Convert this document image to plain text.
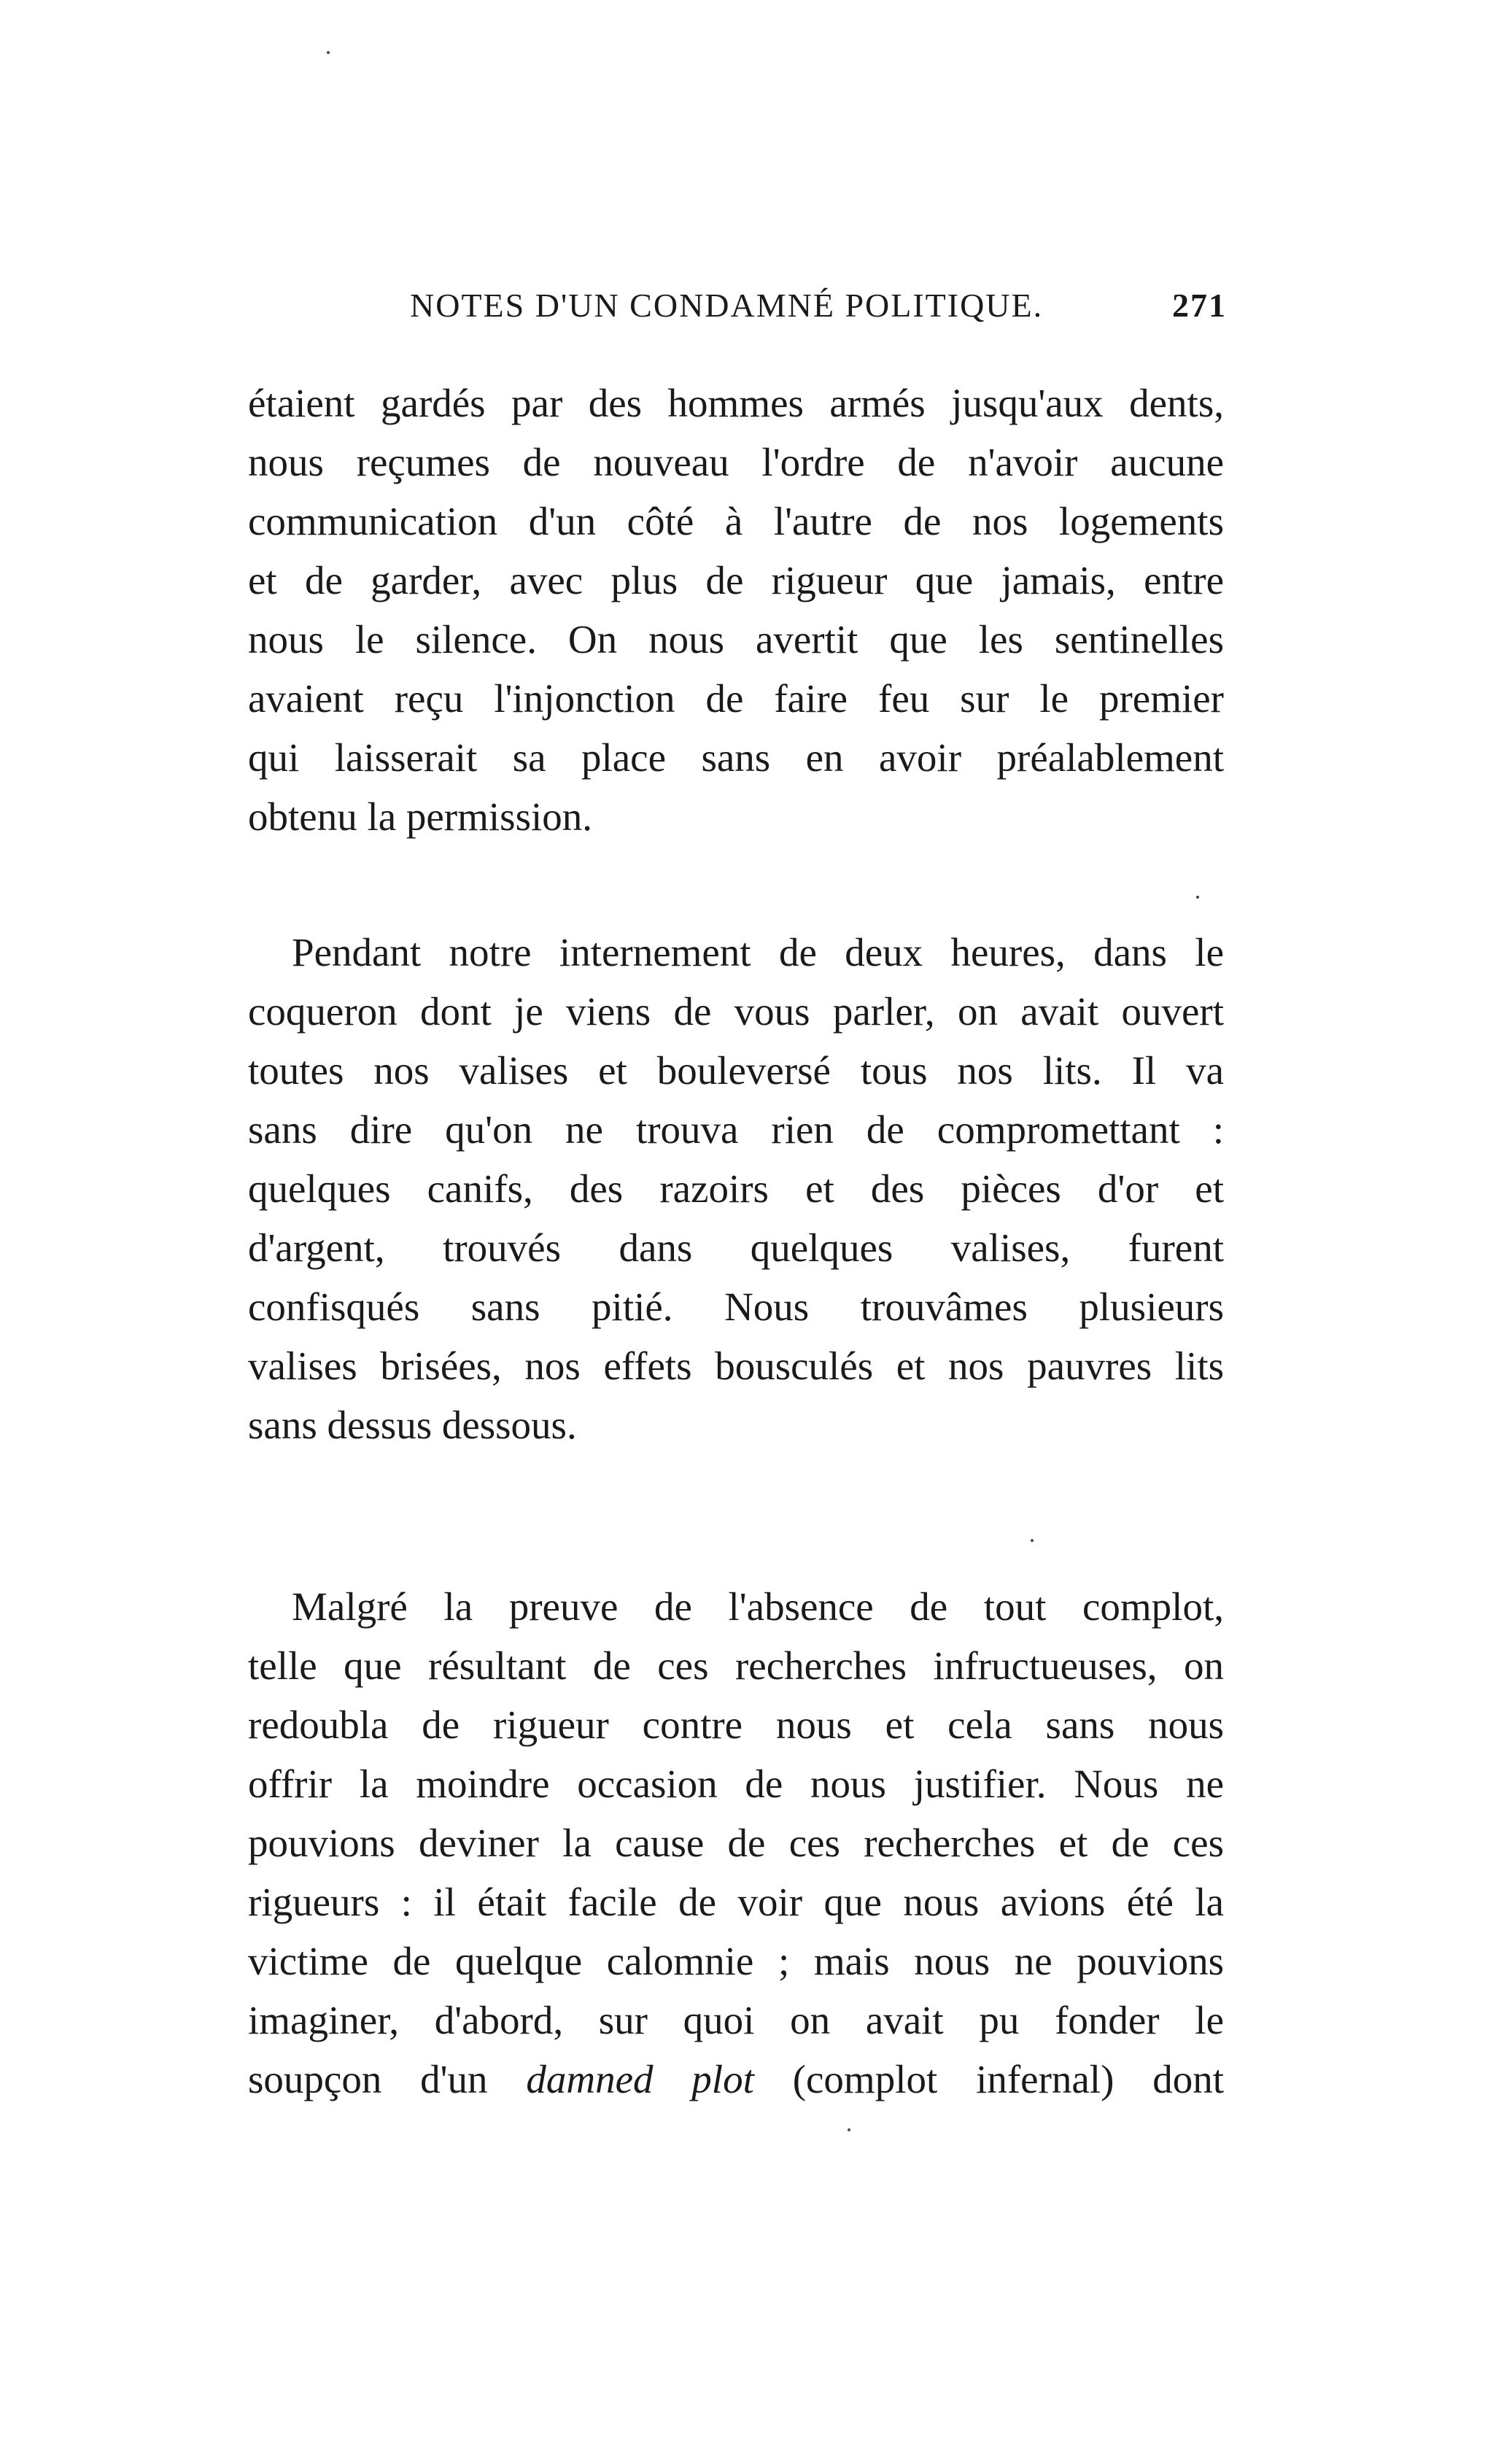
NOTES D'UN CONDAMNÉ POLITIQUE.	271

étaient gardés par des hommes armés jusqu'aux dents,
nous reçumes de nouveau l'ordre de n'avoir aucune
communication d'un côté à l'autre de nos logements
et de garder, avec plus de rigueur que jamais, entre
nous le silence. On nous avertit que les sentinelles
avaient reçu l'injonction de faire feu sur le premier
qui laisserait sa place sans en avoir préalablement
obtenu la permission.

Pendant notre internement de deux heures, dans le
coqueron dont je viens de vous parler, on avait ouvert
toutes nos valises et bouleversé tous nos lits. Il va
sans dire qu'on ne trouva rien de compromettant :
quelques canifs, des razoirs et des pièces d'or et
d'argent, trouvés dans quelques valises, furent
confisqués sans pitié. Nous trouvâmes plusieurs
valises brisées, nos effets bousculés et nos pauvres lits
sans dessus dessous.

Malgré la preuve de l'absence de tout complot,
telle que résultant de ces recherches infructueuses, on
redoubla de rigueur contre nous et cela sans nous
offrir la moindre occasion de nous justifier. Nous ne
pouvions deviner la cause de ces recherches et de ces
rigueurs : il était facile de voir que nous avions été la
victime de quelque calomnie ; mais nous ne pouvions
imaginer, d'abord, sur quoi on avait pu fonder le
soupçon d'un damned plot (complot infernal) dont
